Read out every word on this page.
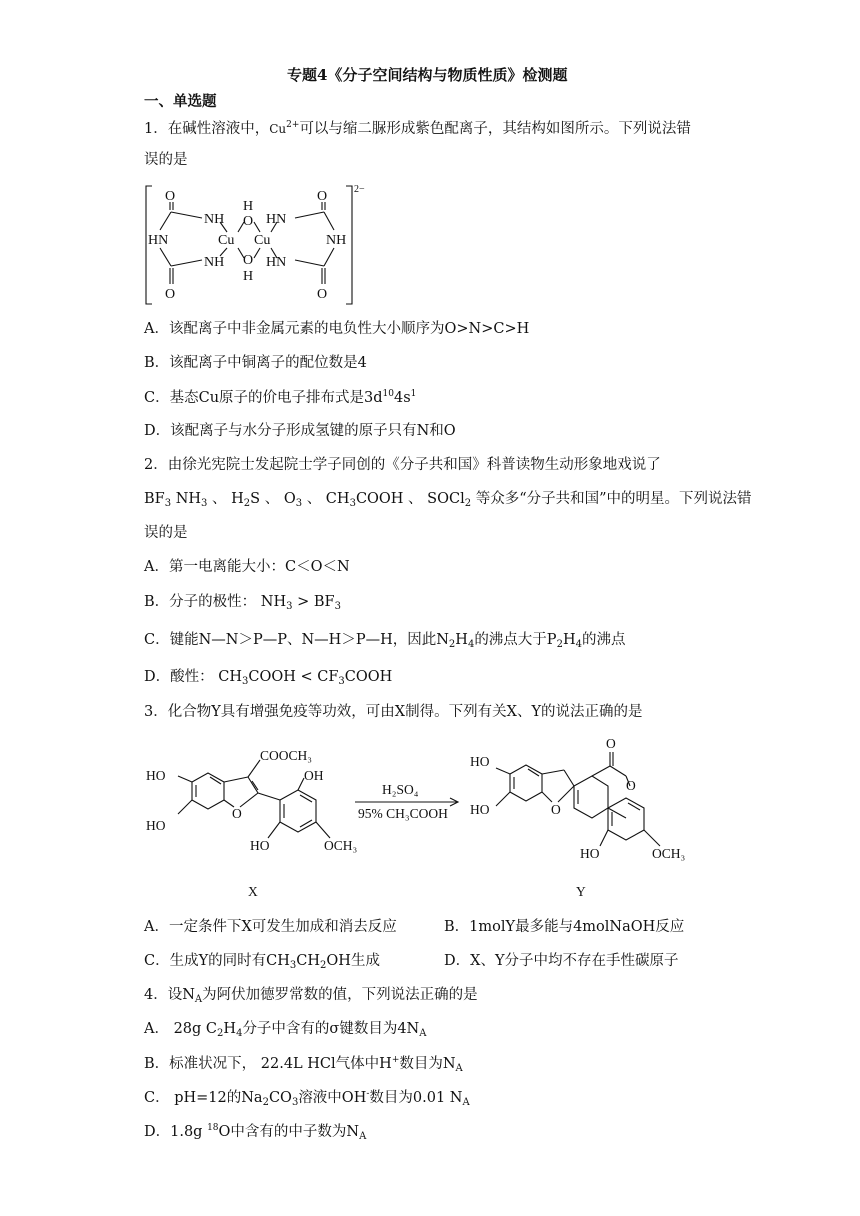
专题4《分子空间结构与物质性质》检测题
一、单选题
1．在碱性溶液中，$Cu^{2+}$可以与缩二脲形成紫色配离子，其结构如图所示。下列说法错
误的是
O
NH
H
O HN
O
HN	Cu Cu	NH
NH O
H
HN
O	O
2−
A．该配离子中非金属元素的电负性大小顺序为O>N>C>H
B．该配离子中铜离子的配位数是4
C．基态Cu原子的价电子排布式是$3d^{10}4s^1$
D．该配离子与水分子形成氢键的原子只有N和O
2．由徐光宪院士发起院士学子同创的《分子共和国》科普读物生动形象地戏说了
$BF_3$ $NH_3$ 、 $H_2S$ 、 $O_3$ 、 $CH_3COOH$ 、 SOCl$_2$ 等众多“分子共和国”中的明星。下列说法错
误的是
A．第一电离能大小：C＜O＜N
B．分子的极性： $NH_3 > BF_3$
C．键能N—N＞P—P、N—H＞P—H，因此$N_2H_4$的沸点大于$P_2H_4$的沸点
D．酸性： $CH_3COOH$ < $CF_3COOH$
3．化合物Y具有增强免疫等功效，可由X制得。下列有关X、Y的说法正确的是
HO
HO
COOCH₃
OH
O
HO	OCH₃
H₂SO₄
95% CH₃COOH
HO
HO
O
O
O
HO	OCH₃
X	Y
A．一定条件下X可发生加成和消去反应	B．1molY最多能与4molNaOH反应
C．生成Y的同时有$CH_3CH_2OH$生成	D．X、Y分子中均不存在手性碳原子
4．设$N_A$为阿伏加德罗常数的值，下列说法正确的是
A． 28g $C_2H_4$分子中含有的σ键数目为$4N_A$
B．标准状况下， 22.4L HCl气体中H+数目为$N_A$
C． pH=12的$Na_2CO_3$溶液中OH-数目为0.01 $N_A$
D．1.8g $^{18}$O中含有的中子数为$N_A$
